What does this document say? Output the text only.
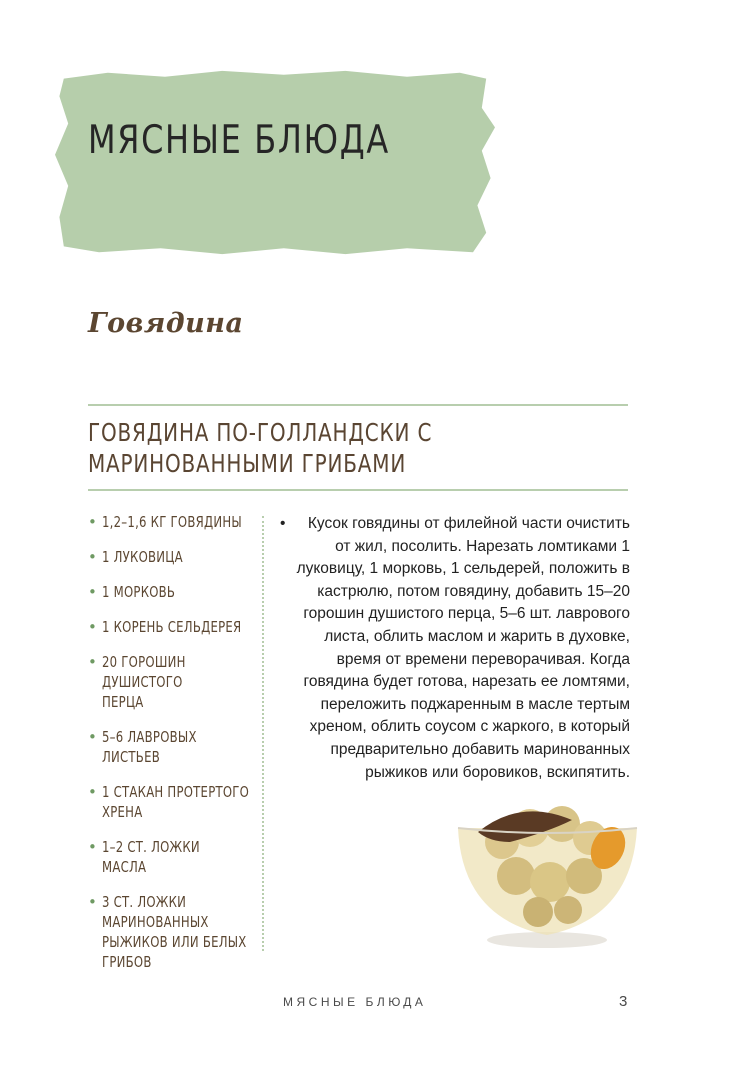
МЯСНЫЕ БЛЮДА
Говядина
ГОВЯДИНА ПО-ГОЛЛАНДСКИ С МАРИНОВАННЫМИ ГРИБАМИ
• 1,2–1,6 КГ ГОВЯДИНЫ
• 1 ЛУКОВИЦА
• 1 МОРКОВЬ
• 1 КОРЕНЬ СЕЛЬДЕРЕЯ
• 20 ГОРОШИН ДУШИСТОГО ПЕРЦА
• 5–6 ЛАВРОВЫХ ЛИСТЬЕВ
• 1 СТАКАН ПРОТЕРТОГО ХРЕНА
• 1–2 СТ. ЛОЖКИ МАСЛА
• 3 СТ. ЛОЖКИ МАРИНОВАННЫХ РЫЖИКОВ ИЛИ БЕЛЫХ ГРИБОВ
•	Кусок говядины от филейной части очистить от жил, посолить. Нарезать ломтиками 1 луковицу, 1 морковь, 1 сельдерей, положить в кастрюлю, потом говядину, добавить 15–20 горошин душистого перца, 5–6 шт. лаврового листа, облить маслом и жарить в духовке, время от времени переворачивая. Когда говядина будет готова, нарезать ее ломтями, переложить поджаренным в масле тертым хреном, облить соусом с жаркого, в который предварительно добавить маринованных рыжиков или боровиков, вскипятить.

МЯСНЫЕ БЛЮДА	3
